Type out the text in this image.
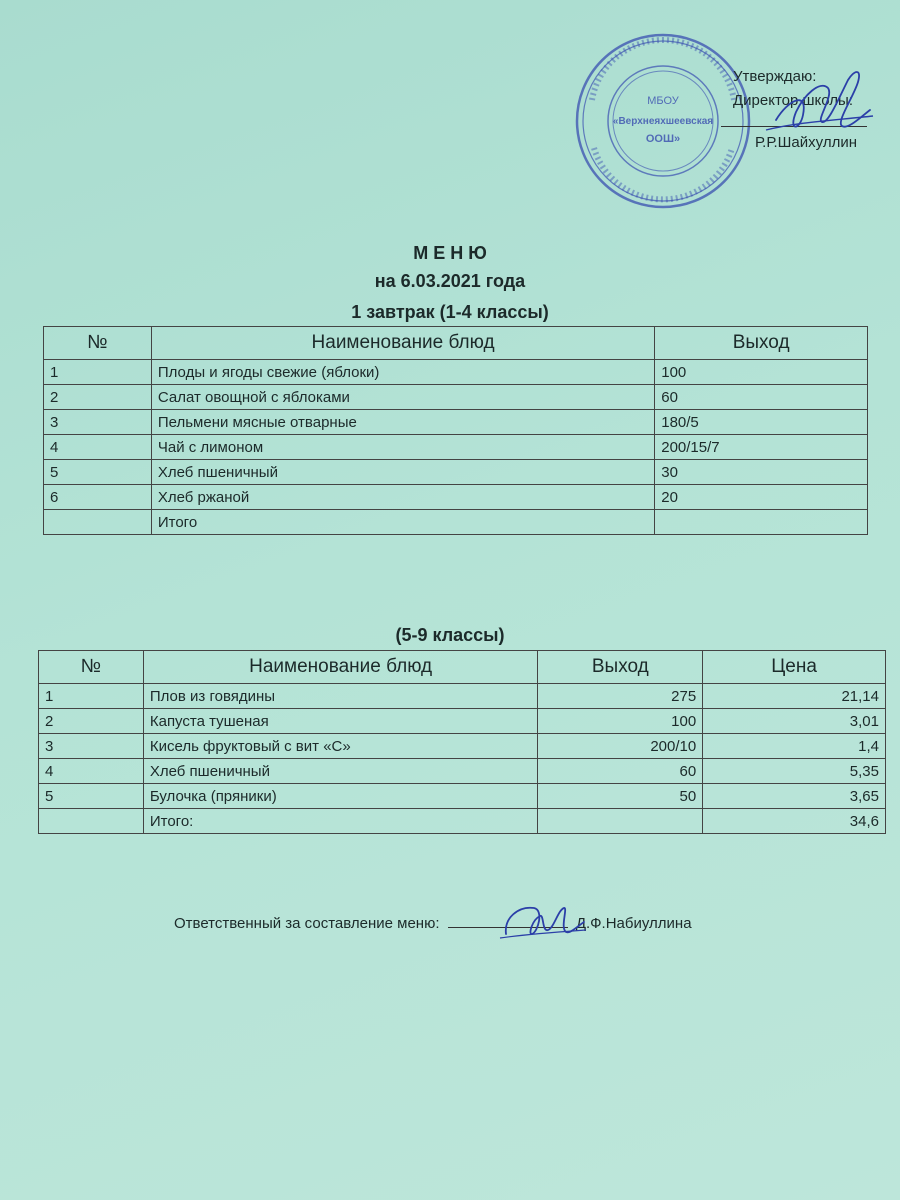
МБОУ
«Верхнеяхшеевская
ООШ»
Утверждаю:
Директор школы:
Р.Р.Шайхуллин
М Е Н Ю
на 6.03.2021 года
1 завтрак (1-4 классы)
№	Наименование блюд	Выход
1	Плоды и ягоды свежие (яблоки)	100
2	Салат овощной с яблоками	60
3	Пельмени мясные отварные	180/5
4	Чай с лимоном	200/15/7
5	Хлеб пшеничный	30
6	Хлеб ржаной	20
	Итого	
(5-9 классы)
№	Наименование блюд	Выход	Цена
1	Плов из говядины	275	21,14
2	Капуста тушеная	100	3,01
3	Кисель фруктовый с вит «С»	200/10	1,4
4	Хлеб пшеничный	60	5,35
5	Булочка (пряники)	50	3,65
	Итого:		34,6
Ответственный за составление меню:	Д.Ф.Набиуллина
